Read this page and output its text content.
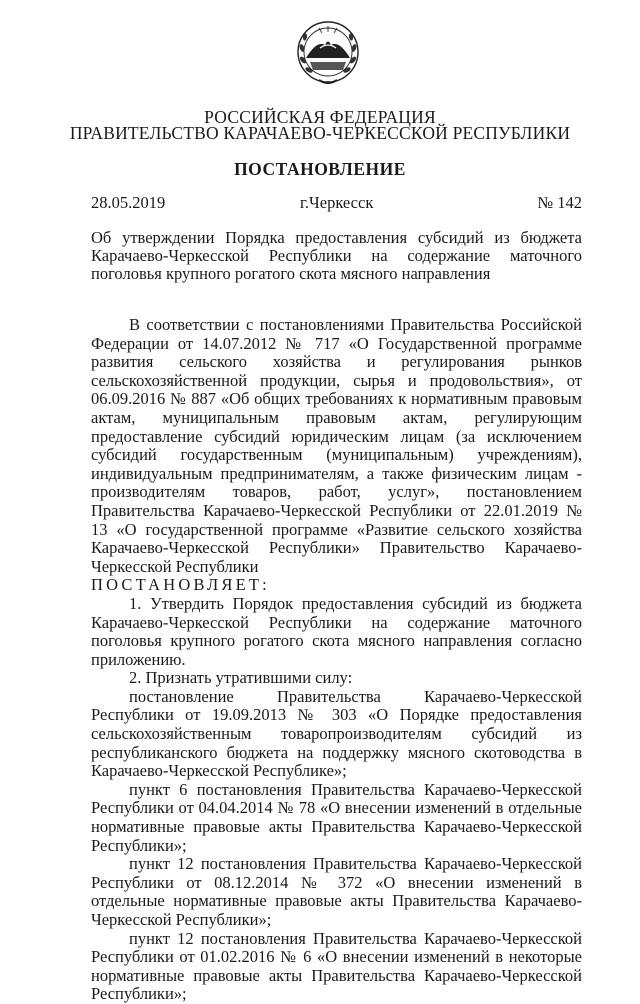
РОССИЙСКАЯ ФЕДЕРАЦИЯ
ПРАВИТЕЛЬСТВО КАРАЧАЕВО-ЧЕРКЕССКОЙ РЕСПУБЛИКИ
ПОСТАНОВЛЕНИЕ
28.05.2019	г.Черкесск	№ 142
Об утверждении Порядка предоставления субсидий из бюджета Карачаево-Черкесской Республики на содержание маточного поголовья крупного рогатого скота мясного направления

В соответствии с постановлениями Правительства Российской Федерации от 14.07.2012 № 717 «О Государственной программе развития сельского хозяйства и регулирования рынков сельскохозяйственной продукции, сырья и продовольствия», от 06.09.2016 № 887 «Об общих требованиях к нормативным правовым актам, муниципальным правовым актам, регулирующим предоставление субсидий юридическим лицам (за исключением субсидий государственным (муниципальным) учреждениям), индивидуальным предпринимателям, а также физическим лицам - производителям товаров, работ, услуг», постановлением Правительства Карачаево-Черкесской Республики от 22.01.2019 № 13 «О государственной программе «Развитие сельского хозяйства Карачаево-Черкесской Республики» Правительство Карачаево-Черкесской Республики

ПОСТАНОВЛЯЕТ:

1. Утвердить Порядок предоставления субсидий из бюджета Карачаево-Черкесской Республики на содержание маточного поголовья крупного рогатого скота мясного направления согласно приложению.

2. Признать утратившими силу:

постановление Правительства Карачаево-Черкесской Республики от 19.09.2013 № 303 «О Порядке предоставления сельскохозяйственным товаропроизводителям субсидий из республиканского бюджета на поддержку мясного скотоводства в Карачаево-Черкесской Республике»;

пункт 6 постановления Правительства Карачаево-Черкесской Республики от 04.04.2014 № 78 «О внесении изменений в отдельные нормативные правовые акты Правительства Карачаево-Черкесской Республики»;

пункт 12 постановления Правительства Карачаево-Черкесской Республики от 08.12.2014 № 372 «О внесении изменений в отдельные нормативные правовые акты Правительства Карачаево-Черкесской Республики»;

пункт 12 постановления Правительства Карачаево-Черкесской Республики от 01.02.2016 № 6 «О внесении изменений в некоторые нормативные правовые акты Правительства Карачаево-Черкесской Республики»;
